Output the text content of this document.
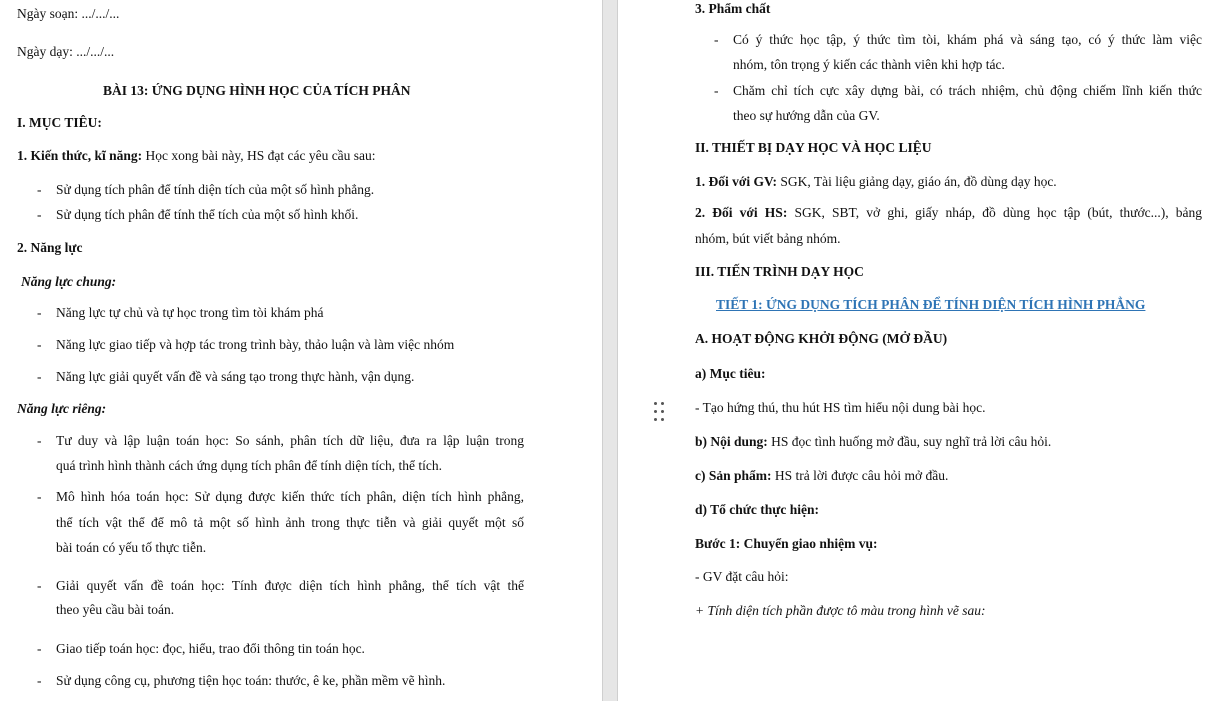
Ngày soạn: .../.../...
Ngày dạy: .../.../...
BÀI 13: ỨNG DỤNG HÌNH HỌC CỦA TÍCH PHÂN
I. MỤC TIÊU:
1. Kiến thức, kĩ năng: Học xong bài này, HS đạt các yêu cầu sau:
- Sử dụng tích phân để tính diện tích của một số hình phẳng.
- Sử dụng tích phân để tính thể tích của một số hình khối.
2. Năng lực
Năng lực chung:
- Năng lực tự chủ và tự học trong tìm tòi khám phá
- Năng lực giao tiếp và hợp tác trong trình bày, thảo luận và làm việc nhóm
- Năng lực giải quyết vấn đề và sáng tạo trong thực hành, vận dụng.
Năng lực riêng:
- Tư duy và lập luận toán học: So sánh, phân tích dữ liệu, đưa ra lập luận trong
quá trình hình thành cách ứng dụng tích phân để tính diện tích, thể tích.
- Mô hình hóa toán học: Sử dụng được kiến thức tích phân, diện tích hình phẳng,
thể tích vật thể để mô tả một số hình ảnh trong thực tiễn và giải quyết một số
bài toán có yếu tố thực tiễn.
- Giải quyết vấn đề toán học: Tính được diện tích hình phẳng, thể tích vật thể
theo yêu cầu bài toán.
- Giao tiếp toán học: đọc, hiểu, trao đổi thông tin toán học.
- Sử dụng công cụ, phương tiện học toán: thước, ê ke, phần mềm vẽ hình.
3. Phẩm chất
- Có ý thức học tập, ý thức tìm tòi, khám phá và sáng tạo, có ý thức làm việc
nhóm, tôn trọng ý kiến các thành viên khi hợp tác.
- Chăm chỉ tích cực xây dựng bài, có trách nhiệm, chủ động chiếm lĩnh kiến thức
theo sự hướng dẫn của GV.
II. THIẾT BỊ DẠY HỌC VÀ HỌC LIỆU
1. Đối với GV: SGK, Tài liệu giảng dạy, giáo án, đồ dùng dạy học.
2. Đối với HS: SGK, SBT, vở ghi, giấy nháp, đồ dùng học tập (bút, thước...), bảng
nhóm, bút viết bảng nhóm.
III. TIẾN TRÌNH DẠY HỌC
TIẾT 1: ỨNG DỤNG TÍCH PHÂN ĐỂ TÍNH DIỆN TÍCH HÌNH PHẲNG
A. HOẠT ĐỘNG KHỞI ĐỘNG (MỞ ĐẦU)
a) Mục tiêu:
- Tạo hứng thú, thu hút HS tìm hiểu nội dung bài học.
b) Nội dung: HS đọc tình huống mở đầu, suy nghĩ trả lời câu hỏi.
c) Sản phẩm: HS trả lời được câu hỏi mở đầu.
d) Tổ chức thực hiện:
Bước 1: Chuyển giao nhiệm vụ:
- GV đặt câu hỏi:
+ Tính diện tích phần được tô màu trong hình vẽ sau:
